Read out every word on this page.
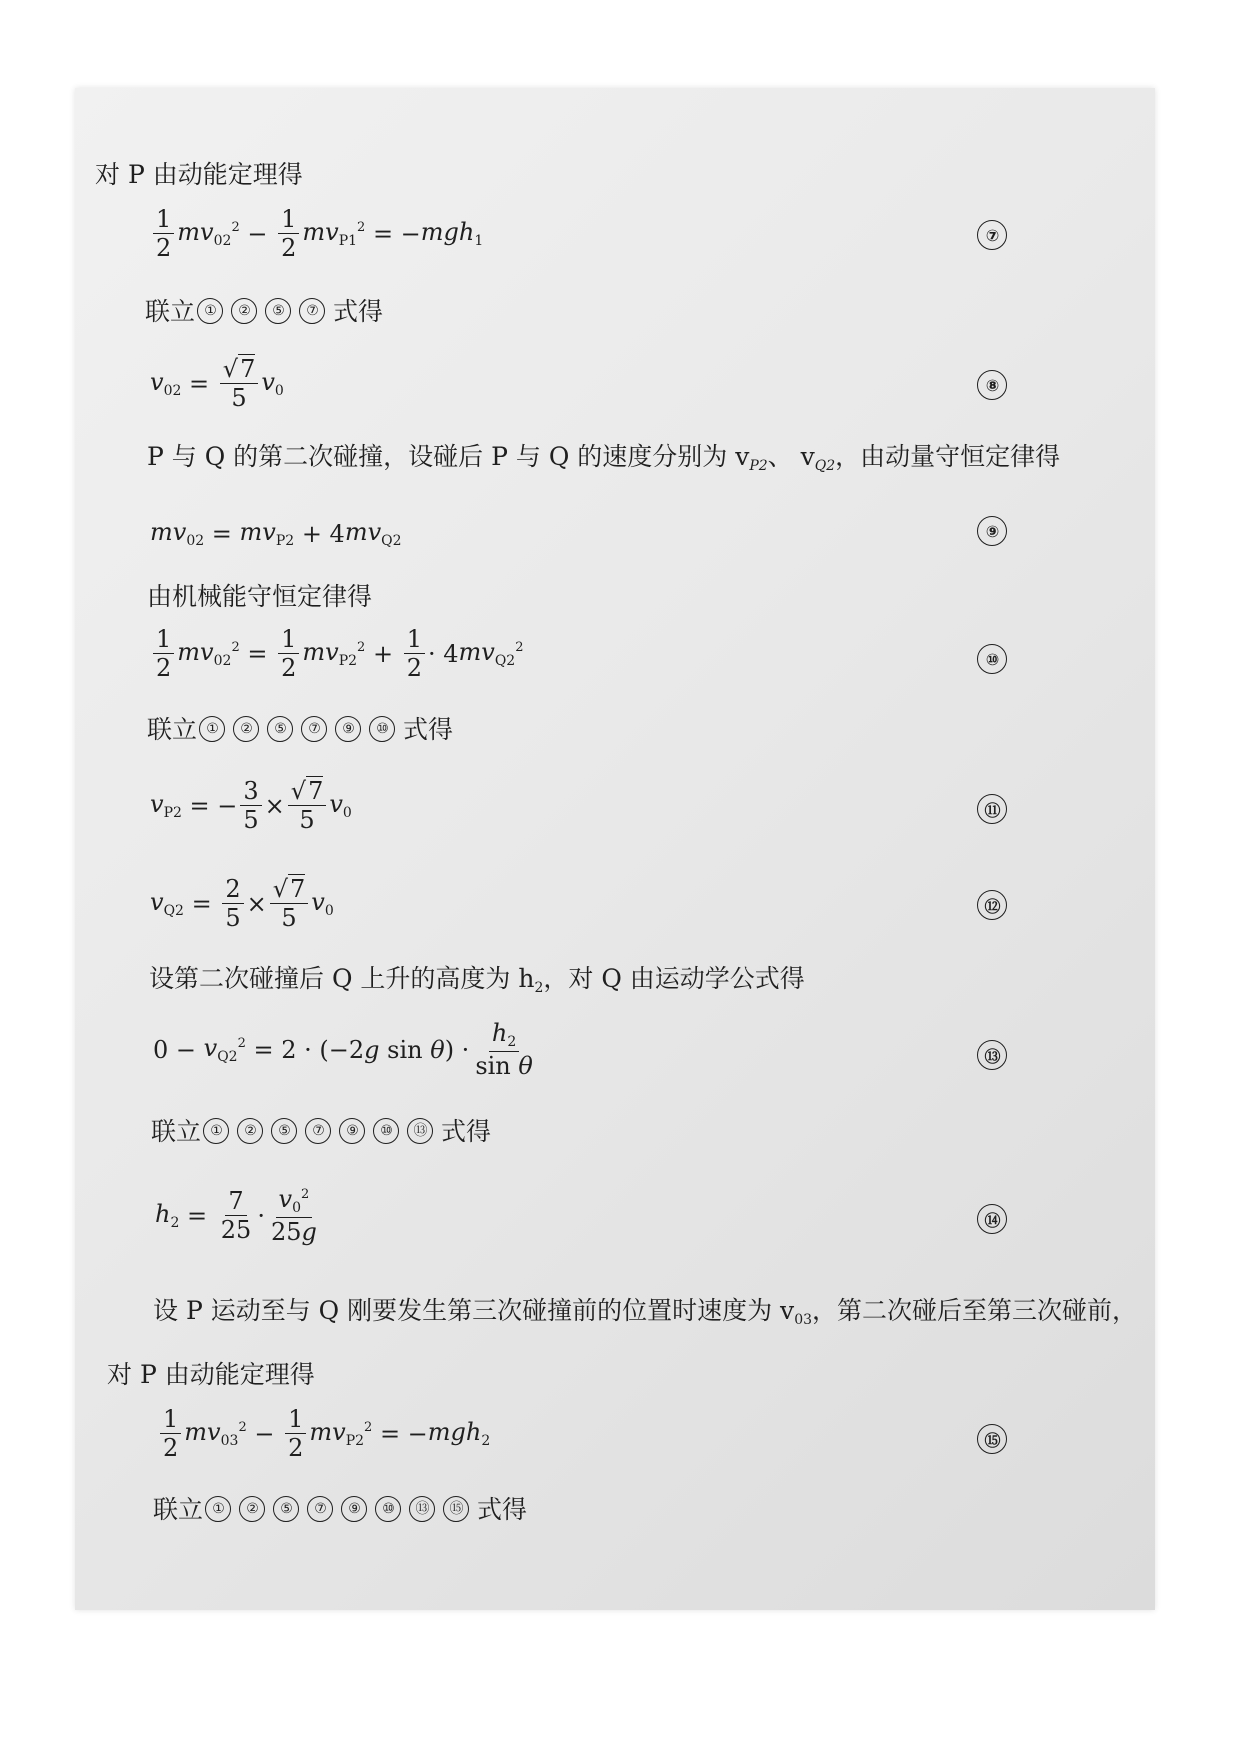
对 P 由动能定理得
$\frac{1}{2} mv_{02}^2 - \frac{1}{2} mv_{P1}^2$ = − mgh$_1$	⑦
联立 ①	②	⑤	⑦ 式得
$v_{02} = \frac{√7}{5} v_0$	⑧
P 与 Q 的第二次碰撞，设碰后 P 与 Q 的速度分别为 $v_{P2}$、 $v_{Q2}$，由动量守恒定律得
$mv_{02} = mv_{P2} + 4$ $mv_{Q2}$
⑨
由机械能守恒定律得
$\frac{1}{2} mv_{02}^2 = \frac{1}{2} mv_{P2}^2 + \frac{1}{2} \cdot 4$ $mv_{Q2}^2$
⑩
联立 ①	②	⑤	⑦	⑨	⑩ 式得
$v_{P2}$ = − $\frac{3}{5} \times \frac{√7}{5} v_0$	⑪
$v_{Q2} = \frac{2}{5} \times \frac{√7}{5} v_0$	⑫
设第二次碰撞后 Q 上升的高度为 $h_2$，对 Q 由运动学公式得
$0 - v_{Q2}^2 = 2 \cdot (-2$ g sin θ ) · $\frac{h_2}{\text{sin θ}}$	⑬
联立 ①	②	⑤	⑦	⑨	⑩	⑬ 式得
$h_2 = \frac{7}{25} \cdot \frac{v_0^2}{25g}$	⑭
设 P 运动至与 Q 刚要发生第三次碰撞前的位置时速度为 $v_{03}$，第二次碰后至第三次碰前，
对 P 由动能定理得
$\frac{1}{2} mv_{03}^2 - \frac{1}{2} mv_{P2}^2$ = − mgh$_2$	⑮
联立 ①	②	⑤	⑦	⑨	⑩	⑬	⑮ 式得
